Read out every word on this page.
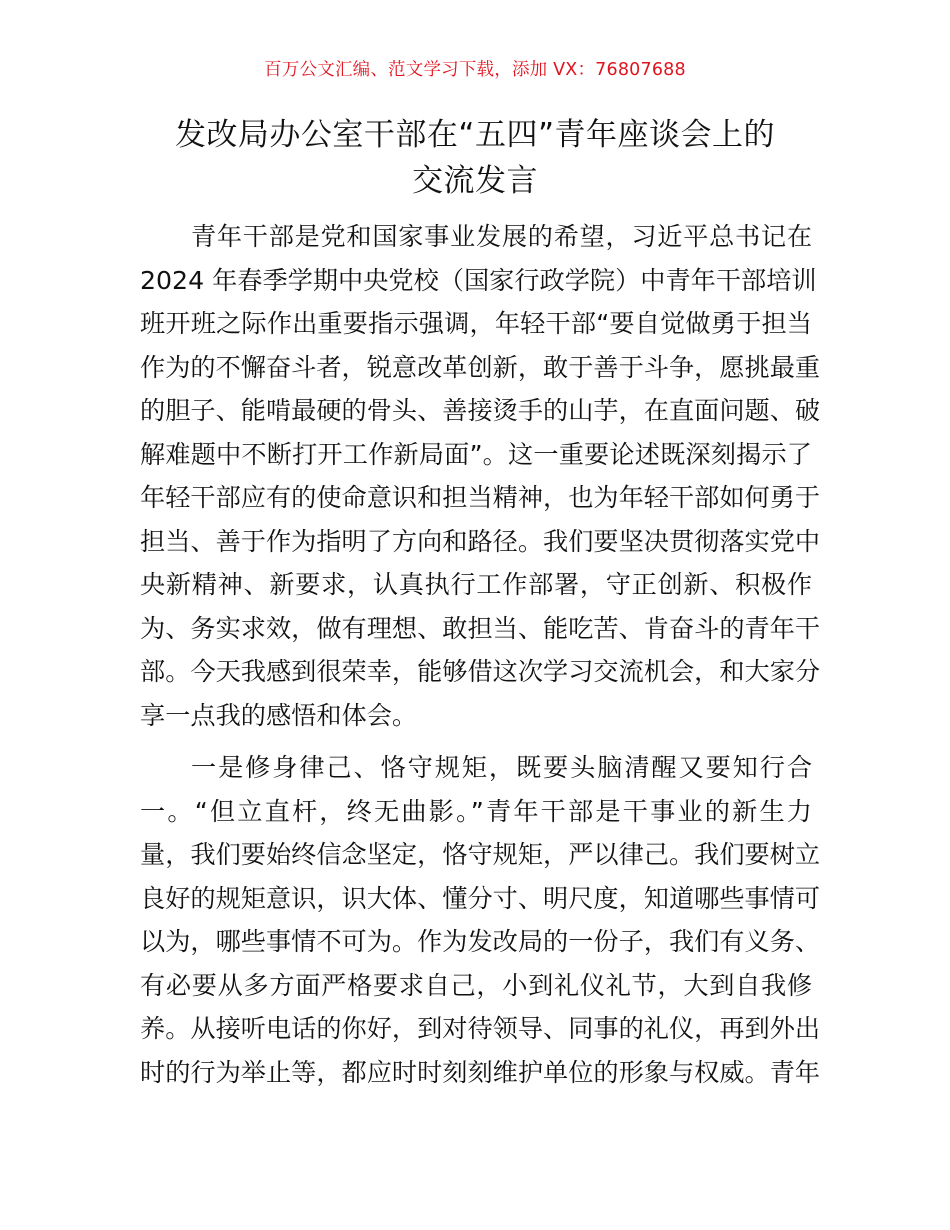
百万公文汇编、范文学习下载，添加 VX：76807688
发改局办公室干部在“五四”青年座谈会上的
交流发言
青年干部是党和国家事业发展的希望，习近平总书记在
2024 年春季学期中央党校（国家行政学院）中青年干部培训
班开班之际作出重要指示强调，年轻干部“要自觉做勇于担当
作为的不懈奋斗者，锐意改革创新，敢于善于斗争，愿挑最重
的胆子、能啃最硬的骨头、善接烫手的山芋，在直面问题、破
解难题中不断打开工作新局面”。这一重要论述既深刻揭示了
年轻干部应有的使命意识和担当精神，也为年轻干部如何勇于
担当、善于作为指明了方向和路径。我们要坚决贯彻落实党中
央新精神、新要求，认真执行工作部署，守正创新、积极作
为、务实求效，做有理想、敢担当、能吃苦、肯奋斗的青年干
部。今天我感到很荣幸，能够借这次学习交流机会，和大家分
享一点我的感悟和体会。
一是修身律己、恪守规矩，既要头脑清醒又要知行合
一。“但立直杆，终无曲影。”青年干部是干事业的新生力
量，我们要始终信念坚定，恪守规矩，严以律己。我们要树立
良好的规矩意识，识大体、懂分寸、明尺度，知道哪些事情可
以为，哪些事情不可为。作为发改局的一份子，我们有义务、
有必要从多方面严格要求自己，小到礼仪礼节，大到自我修
养。从接听电话的你好，到对待领导、同事的礼仪，再到外出
时的行为举止等，都应时时刻刻维护单位的形象与权威。青年
